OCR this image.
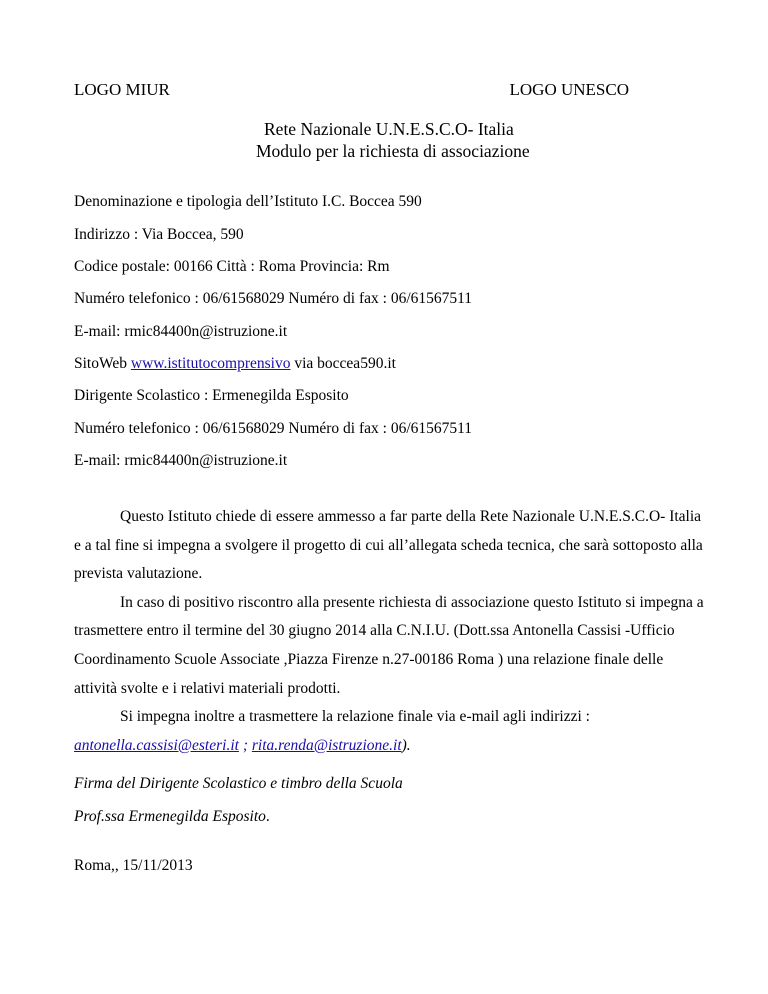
LOGO MIUR	LOGO UNESCO
Rete Nazionale U.N.E.S.C.O- Italia
Modulo per la richiesta di associazione
Denominazione e tipologia dell’Istituto I.C. Boccea 590
Indirizzo : Via Boccea, 590
Codice postale: 00166 Città : Roma Provincia: Rm
Numéro telefonico : 06/61568029 Numéro di fax : 06/61567511
E-mail: rmic84400n@istruzione.it
SitoWeb www.istitutocomprensivo via boccea590.it
Dirigente Scolastico : Ermenegilda Esposito
Numéro telefonico : 06/61568029 Numéro di fax : 06/61567511
E-mail: rmic84400n@istruzione.it
Questo Istituto chiede di essere ammesso a far parte della Rete Nazionale U.N.E.S.C.O- Italia e a tal fine si impegna a svolgere il progetto di cui all’allegata scheda tecnica, che sarà sottoposto alla prevista valutazione.
In caso di positivo riscontro alla presente richiesta di associazione questo Istituto si impegna a trasmettere entro il termine del 30 giugno 2014 alla C.N.I.U. (Dott.ssa Antonella Cassisi -Ufficio Coordinamento Scuole Associate ,Piazza Firenze n.27-00186 Roma ) una relazione finale delle attività svolte e i relativi materiali prodotti.
Si impegna inoltre a trasmettere la relazione finale via e-mail agli indirizzi :
antonella.cassisi@esteri.it ; rita.renda@istruzione.it).
Firma del Dirigente Scolastico e timbro della Scuola
Prof.ssa Ermenegilda Esposito.
Roma,, 15/11/2013
